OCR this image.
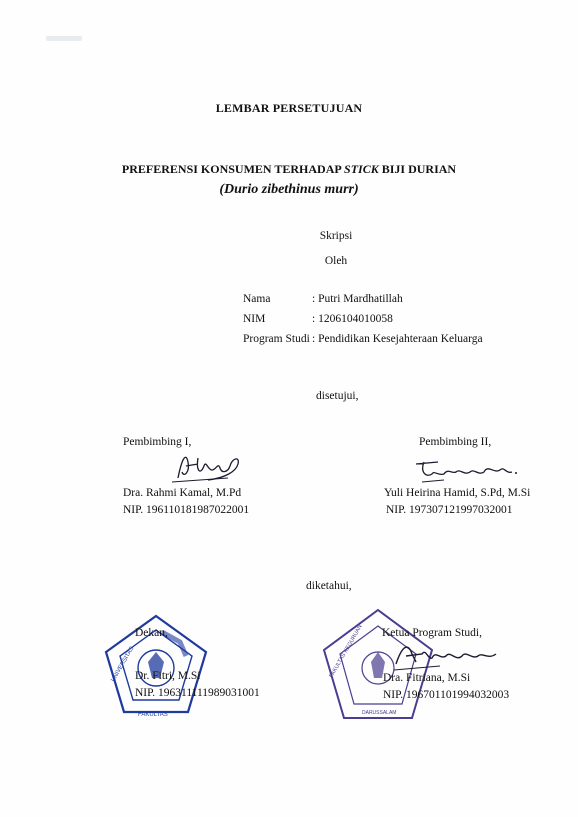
LEMBAR PERSETUJUAN
PREFERENSI KONSUMEN TERHADAP STICK BIJI DURIAN
(Durio zibethinus murr)
Skripsi
Oleh
Nama	: Putri Mardhatillah
NIM	: 1206104010058
Program Studi : Pendidikan Kesejahteraan Keluarga
disetujui,
Pembimbing I,
Dra. Rahmi Kamal, M.Pd
NIP. 196110181987022001
Pembimbing II,
Yuli Heirina Hamid, S.Pd, M.Si
NIP. 197307121997032001
diketahui,
UNIVERSITAS
FAKULTAS
Dekan,
Dr. Fitri, M.Si
NIP. 196311111989031001
FAKULTAS KEGURUAN
DARUSSALAM
Ketua Program Studi,
Dra. Fitriana, M.Si
NIP. 196701101994032003
